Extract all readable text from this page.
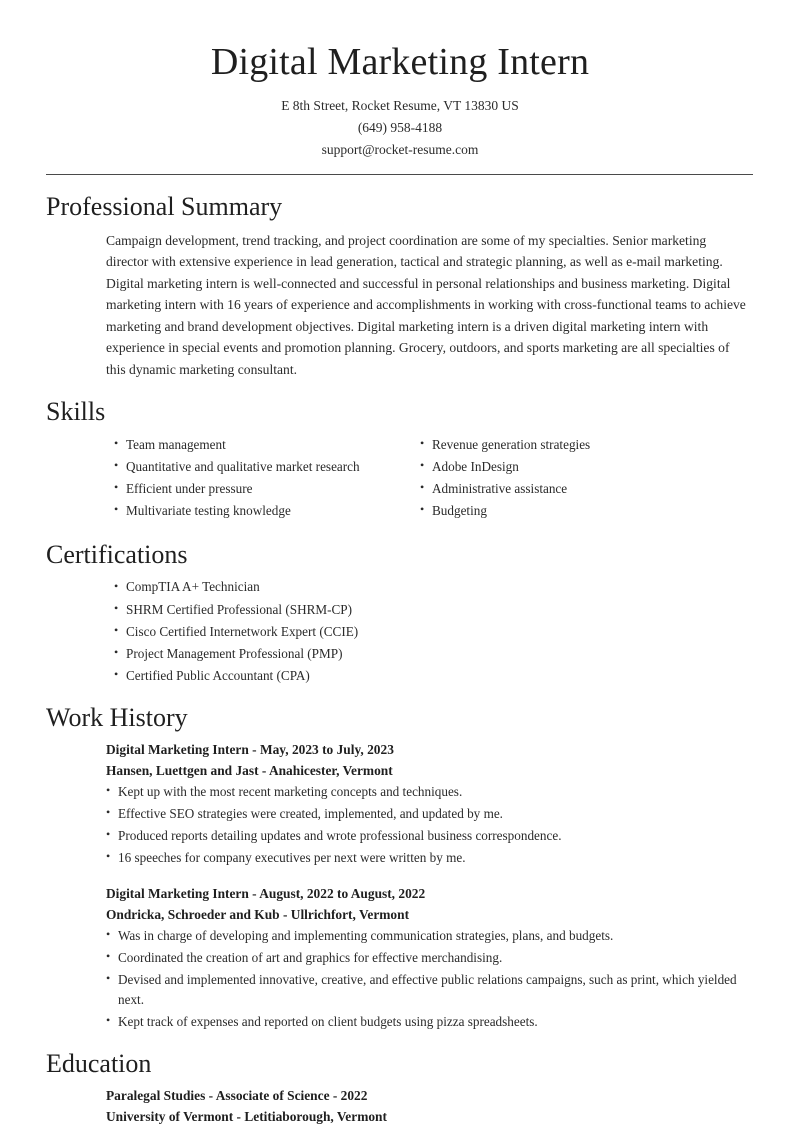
Digital Marketing Intern
E 8th Street, Rocket Resume, VT 13830 US
(649) 958-4188
support@rocket-resume.com
Professional Summary

Campaign development, trend tracking, and project coordination are some of my specialties. Senior marketing director with extensive experience in lead generation, tactical and strategic planning, as well as e-mail marketing. Digital marketing intern is well-connected and successful in personal relationships and business marketing. Digital marketing intern with 16 years of experience and accomplishments in working with cross-functional teams to achieve marketing and brand development objectives. Digital marketing intern is a driven digital marketing intern with experience in special events and promotion planning. Grocery, outdoors, and sports marketing are all specialties of this dynamic marketing consultant.

Skills
• Team management
• Quantitative and qualitative market research
• Efficient under pressure
• Multivariate testing knowledge
• Revenue generation strategies
• Adobe InDesign
• Administrative assistance
• Budgeting
Certifications
• CompTIA A+ Technician
• SHRM Certified Professional (SHRM-CP)
• Cisco Certified Internetwork Expert (CCIE)
• Project Management Professional (PMP)
• Certified Public Accountant (CPA)
Work History
Digital Marketing Intern - May, 2023 to July, 2023
Hansen, Luettgen and Jast - Anahicester, Vermont
• Kept up with the most recent marketing concepts and techniques.
• Effective SEO strategies were created, implemented, and updated by me.
• Produced reports detailing updates and wrote professional business correspondence.
• 16 speeches for company executives per next were written by me.
Digital Marketing Intern - August, 2022 to August, 2022
Ondricka, Schroeder and Kub - Ullrichfort, Vermont
• Was in charge of developing and implementing communication strategies, plans, and budgets.
• Coordinated the creation of art and graphics for effective merchandising.
• Devised and implemented innovative, creative, and effective public relations campaigns, such as print, which yielded next.
• Kept track of expenses and reported on client budgets using pizza spreadsheets.
Education
Paralegal Studies - Associate of Science - 2022
University of Vermont - Letitiaborough, Vermont
